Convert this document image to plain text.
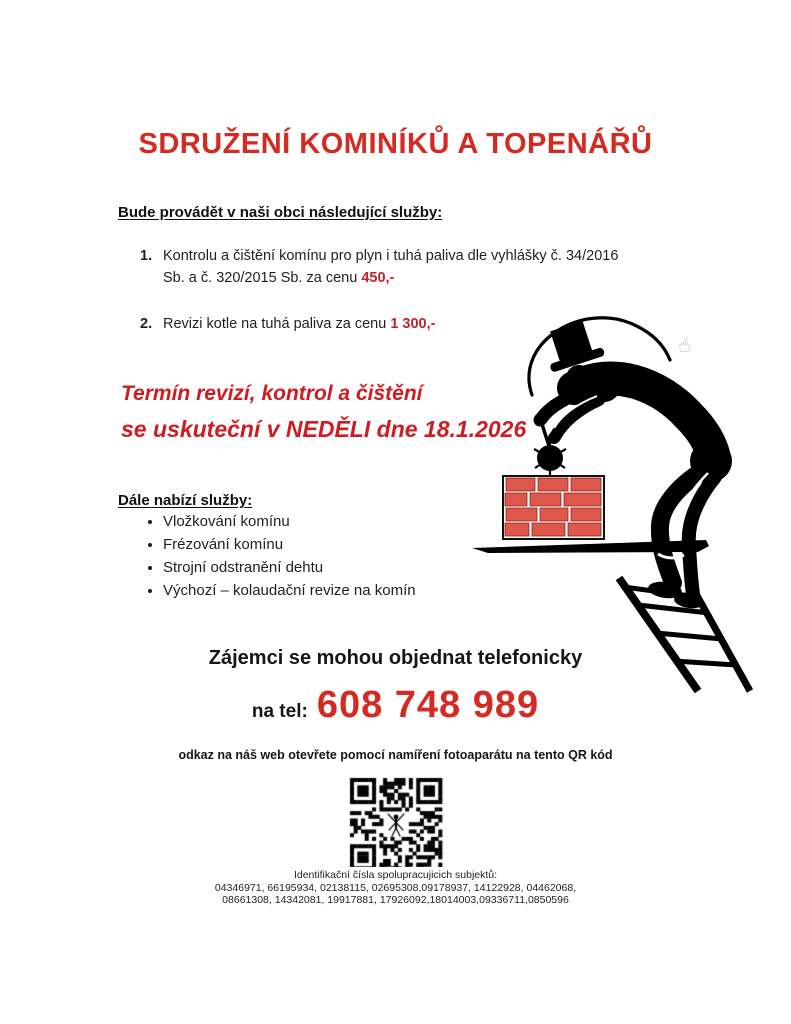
SDRUŽENÍ KOMINÍKŮ A TOPENÁŘŮ
Bude provádět v naši obci následující služby:
1. Kontrolu a čištění komínu pro plyn i tuhá paliva dle vyhlášky č. 34/2016 Sb. a č. 320/2015 Sb. za cenu 450,-
2. Revizi kotle na tuhá paliva za cenu 1 300,-
Termín revizí, kontrol a čištění
se uskuteční v NEDĚLI dne 18.1.2026
Dále nabízí služby:
• Vložkování komínu
• Frézování komínu
• Strojní odstranění dehtu
• Výchozí – kolaudační revize na komín
☝
Zájemci se mohou objednat telefonicky
na tel: 608 748 989
odkaz na náš web otevřete pomocí namíření fotoaparátu na tento QR kód
Identifikační čísla spolupracujicich subjektů:
04346971, 66195934, 02138115, 02695308,09178937, 14122928, 04462068,
08661308, 14342081, 19917881, 17926092,18014003,09336711,0850596
